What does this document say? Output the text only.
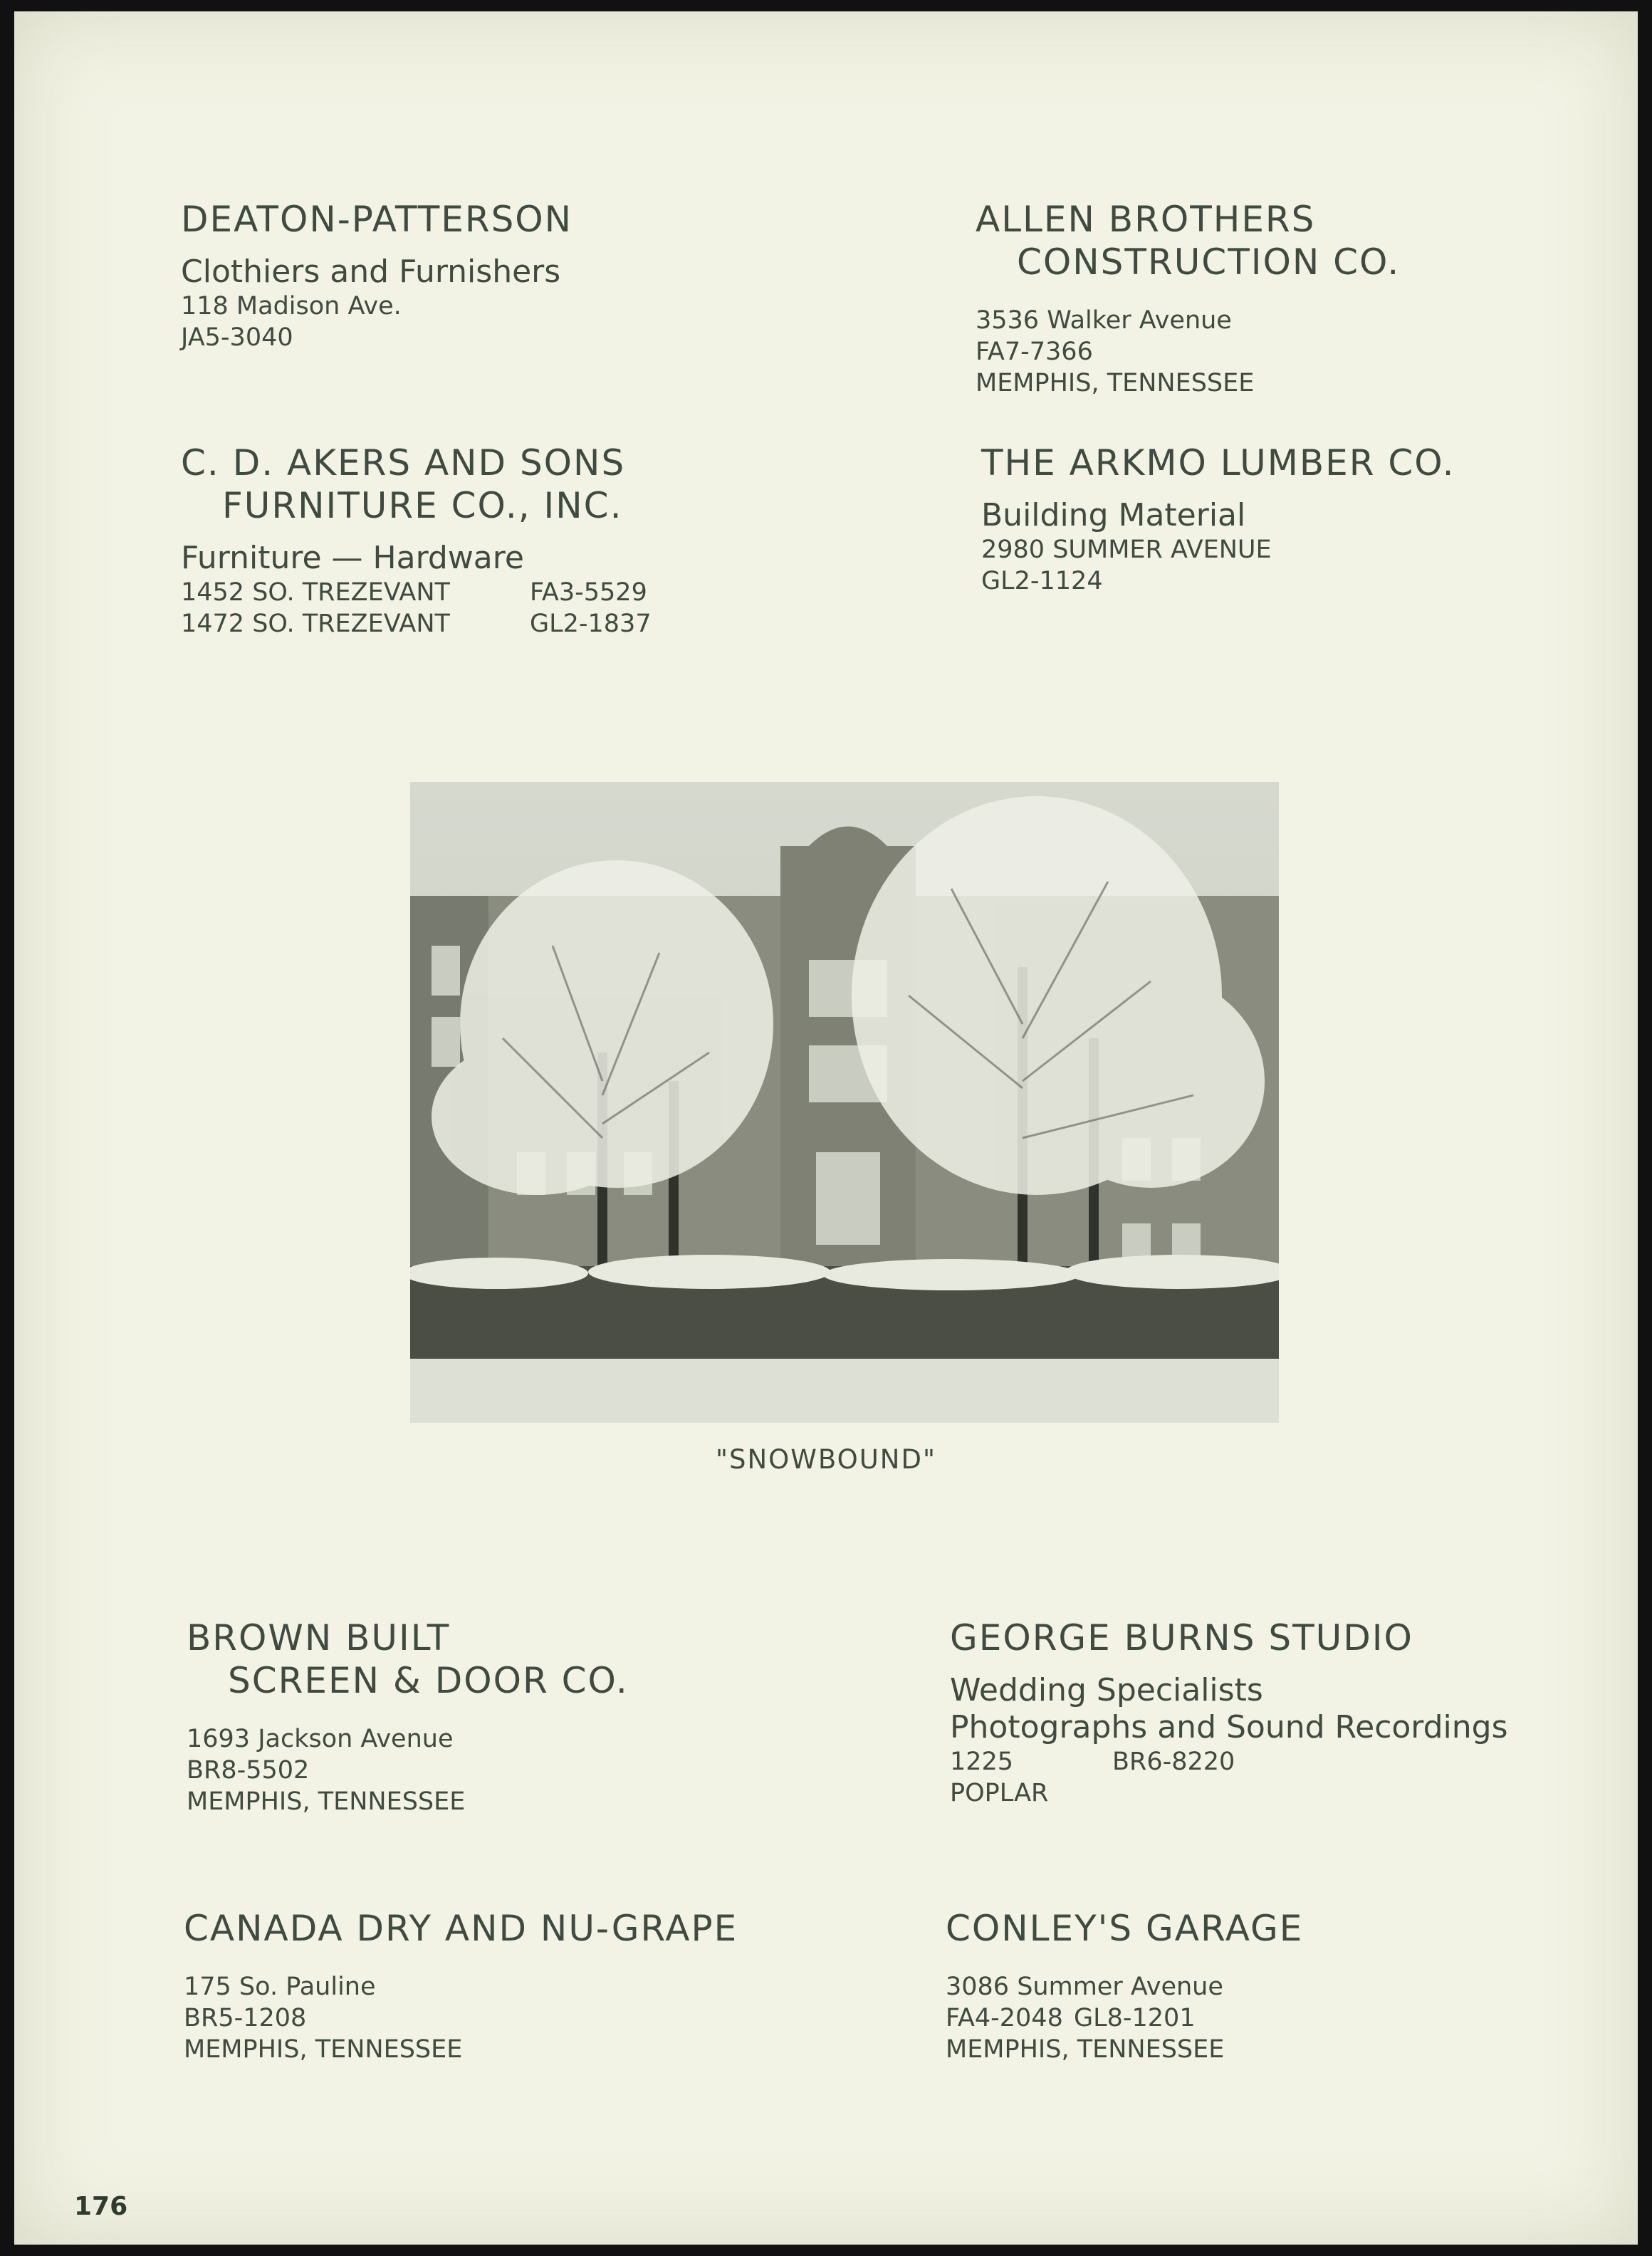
DEATON-PATTERSON
Clothiers and Furnishers
118 Madison Ave.
JA5-3040
ALLEN BROTHERS
CONSTRUCTION CO.
3536 Walker Avenue
FA7-7366
MEMPHIS, TENNESSEE
C. D. AKERS AND SONS
FURNITURE CO., INC.
Furniture — Hardware
1452 SO. TREZEVANT	FA3-5529
1472 SO. TREZEVANT	GL2-1837
THE ARKMO LUMBER CO.
Building Material
2980 SUMMER AVENUE
GL2-1124
"SNOWBOUND"
BROWN BUILT
SCREEN & DOOR CO.
1693 Jackson Avenue
BR8-5502
MEMPHIS, TENNESSEE
GEORGE BURNS STUDIO
Wedding Specialists
Photographs and Sound Recordings
1225 POPLAR
BR6-8220
CANADA DRY AND NU-GRAPE
175 So. Pauline
BR5-1208
MEMPHIS, TENNESSEE
CONLEY'S GARAGE
3086 Summer Avenue
FA4-2048 GL8-1201
MEMPHIS, TENNESSEE
176
